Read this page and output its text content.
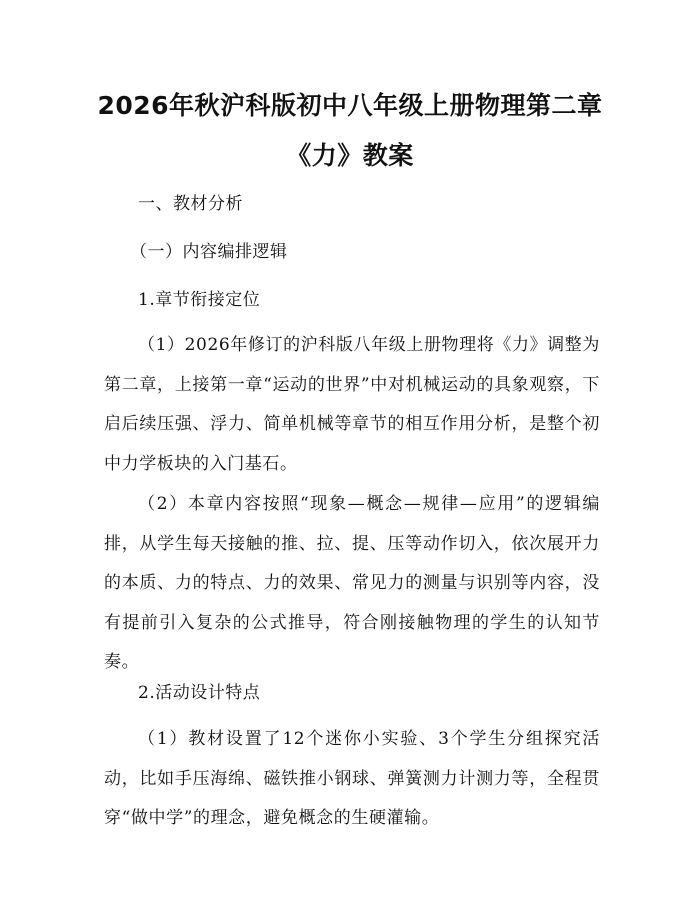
2026年秋沪科版初中八年级上册物理第二章
《力》教案

一、教材分析

（一）内容编排逻辑

1.章节衔接定位

（1）2026年修订的沪科版八年级上册物理将《力》调整为第二章，上接第一章“运动的世界”中对机械运动的具象观察，下启后续压强、浮力、简单机械等章节的相互作用分析，是整个初中力学板块的入门基石。

（2）本章内容按照“现象—概念—规律—应用”的逻辑编排，从学生每天接触的推、拉、提、压等动作切入，依次展开力的本质、力的特点、力的效果、常见力的测量与识别等内容，没有提前引入复杂的公式推导，符合刚接触物理的学生的认知节奏。

2.活动设计特点

（1）教材设置了12个迷你小实验、3个学生分组探究活动，比如手压海绵、磁铁推小钢球、弹簧测力计测力等，全程贯穿“做中学”的理念，避免概念的生硬灌输。
